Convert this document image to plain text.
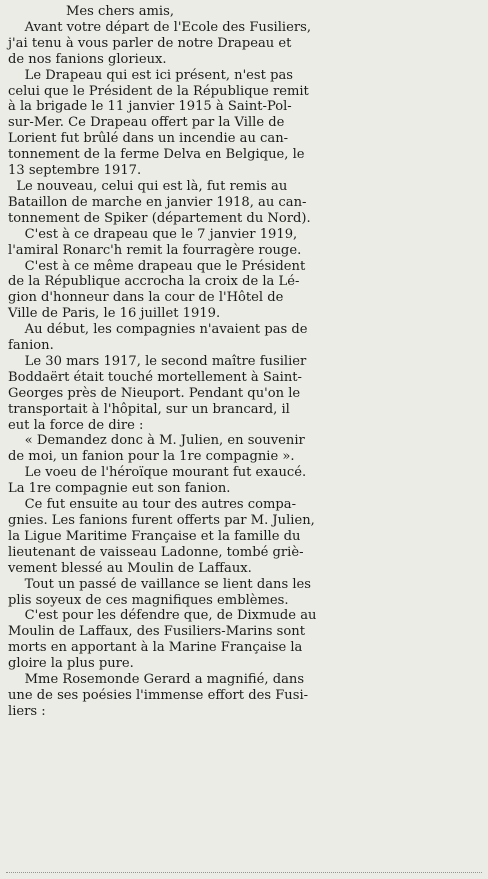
Mes chers amis,

Avant votre départ de l'Ecole des Fusiliers,
j'ai tenu à vous parler de notre Drapeau et
de nos fanions glorieux.

Le Drapeau qui est ici présent, n'est pas
celui que le Président de la République remit
à la brigade le 11 janvier 1915 à Saint-Pol-
sur-Mer. Ce Drapeau offert par la Ville de
Lorient fut brûlé dans un incendie au can-
tonnement de la ferme Delva en Belgique, le
13 septembre 1917.

Le nouveau, celui qui est là, fut remis au
Bataillon de marche en janvier 1918, au can-
tonnement de Spiker (département du Nord).

C'est à ce drapeau que le 7 janvier 1919,
l'amiral Ronarc'h remit la fourragère rouge.

C'est à ce même drapeau que le Président
de la République accrocha la croix de la Lé-
gion d'honneur dans la cour de l'Hôtel de
Ville de Paris, le 16 juillet 1919.

Au début, les compagnies n'avaient pas de
fanion.

Le 30 mars 1917, le second maître fusilier
Boddaërt était touché mortellement à Saint-
Georges près de Nieuport. Pendant qu'on le
transportait à l'hôpital, sur un brancard, il
eut la force de dire :

« Demandez donc à M. Julien, en souvenir
de moi, un fanion pour la 1re compagnie ».

Le voeu de l'héroïque mourant fut exaucé.
La 1re compagnie eut son fanion.

Ce fut ensuite au tour des autres compa-
gnies. Les fanions furent offerts par M. Julien,
la Ligue Maritime Française et la famille du
lieutenant de vaisseau Ladonne, tombé griè-
vement blessé au Moulin de Laffaux.

Tout un passé de vaillance se lient dans les
plis soyeux de ces magnifiques emblèmes.

C'est pour les défendre que, de Dixmude au
Moulin de Laffaux, des Fusiliers-Marins sont
morts en apportant à la Marine Française la
gloire la plus pure.

Mme Rosemonde Gerard a magnifié, dans
une de ses poésies l'immense effort des Fusi-
liers :
